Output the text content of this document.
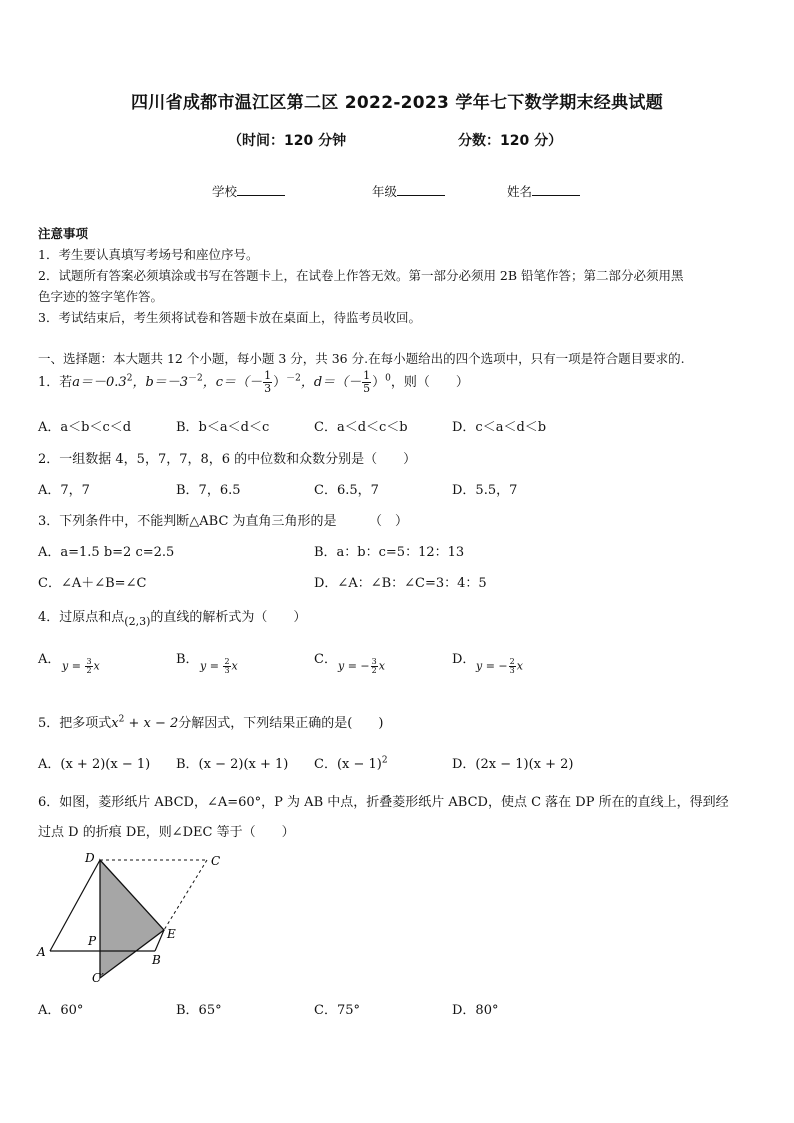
四川省成都市温江区第二区 2022-2023 学年七下数学期末经典试题
（时间：120 分钟	分数：120 分）
学校	年级	姓名
注意事项
1．考生要认真填写考场号和座位序号。
2．试题所有答案必须填涂或书写在答题卡上，在试卷上作答无效。第一部分必须用 2B 铅笔作答；第二部分必须用黑
色字迹的签字笔作答。
3．考试结束后，考生须将试卷和答题卡放在桌面上，待监考员收回。
一、选择题：本大题共 12 个小题，每小题 3 分，共 36 分.在每小题给出的四个选项中，只有一项是符合题目要求的.
1．若$a=-0.3^2$，$b=-3^{-2}$，$c=(- \frac{1}{3} )^{-2}$，$d=(- \frac{1}{5} )^0$，则（　　）
A．a＜b＜c＜d	B．b＜a＜d＜c	C．a＜d＜c＜b	D．c＜a＜d＜b
2．一组数据 4，5，7，7，8，6 的中位数和众数分别是（　　）
A．7，7	B．7，6.5	C．6.5，7	D．5.5，7
3．下列条件中，不能判断△ABC 为直角三角形的是　　　（　）
A．a=1.5 b=2 c=2.5	B．a：b：c=5：12：13
C．∠A＋∠B=∠C	D．∠A：∠B：∠C=3：4：5
4．过原点和点$_{(2,3)}$的直线的解析式为（　　）
A． $y = \frac{3}{2}$ x	B． $y = \frac{2}{3}$ x	C． y = − $\frac{3}{2}$ x	D． y = − $\frac{2}{3}$ x
5．把多项式$x^2 + x - 2$分解因式，下列结果正确的是(　　)
A．(x + 2)(x − 1) B．(x − 2)(x + 1) C．$(x - 1)^2$	D．(2x − 1)(x + 2)
6．如图，菱形纸片 ABCD，∠A=60°，P 为 AB 中点，折叠菱形纸片 ABCD，使点 C 落在 DP 所在的直线上，得到经
过点 D 的折痕 DE，则∠DEC 等于（　　）
D	C
A
P	E
B
C′
A．60°	B．65°	C．75°	D．80°
